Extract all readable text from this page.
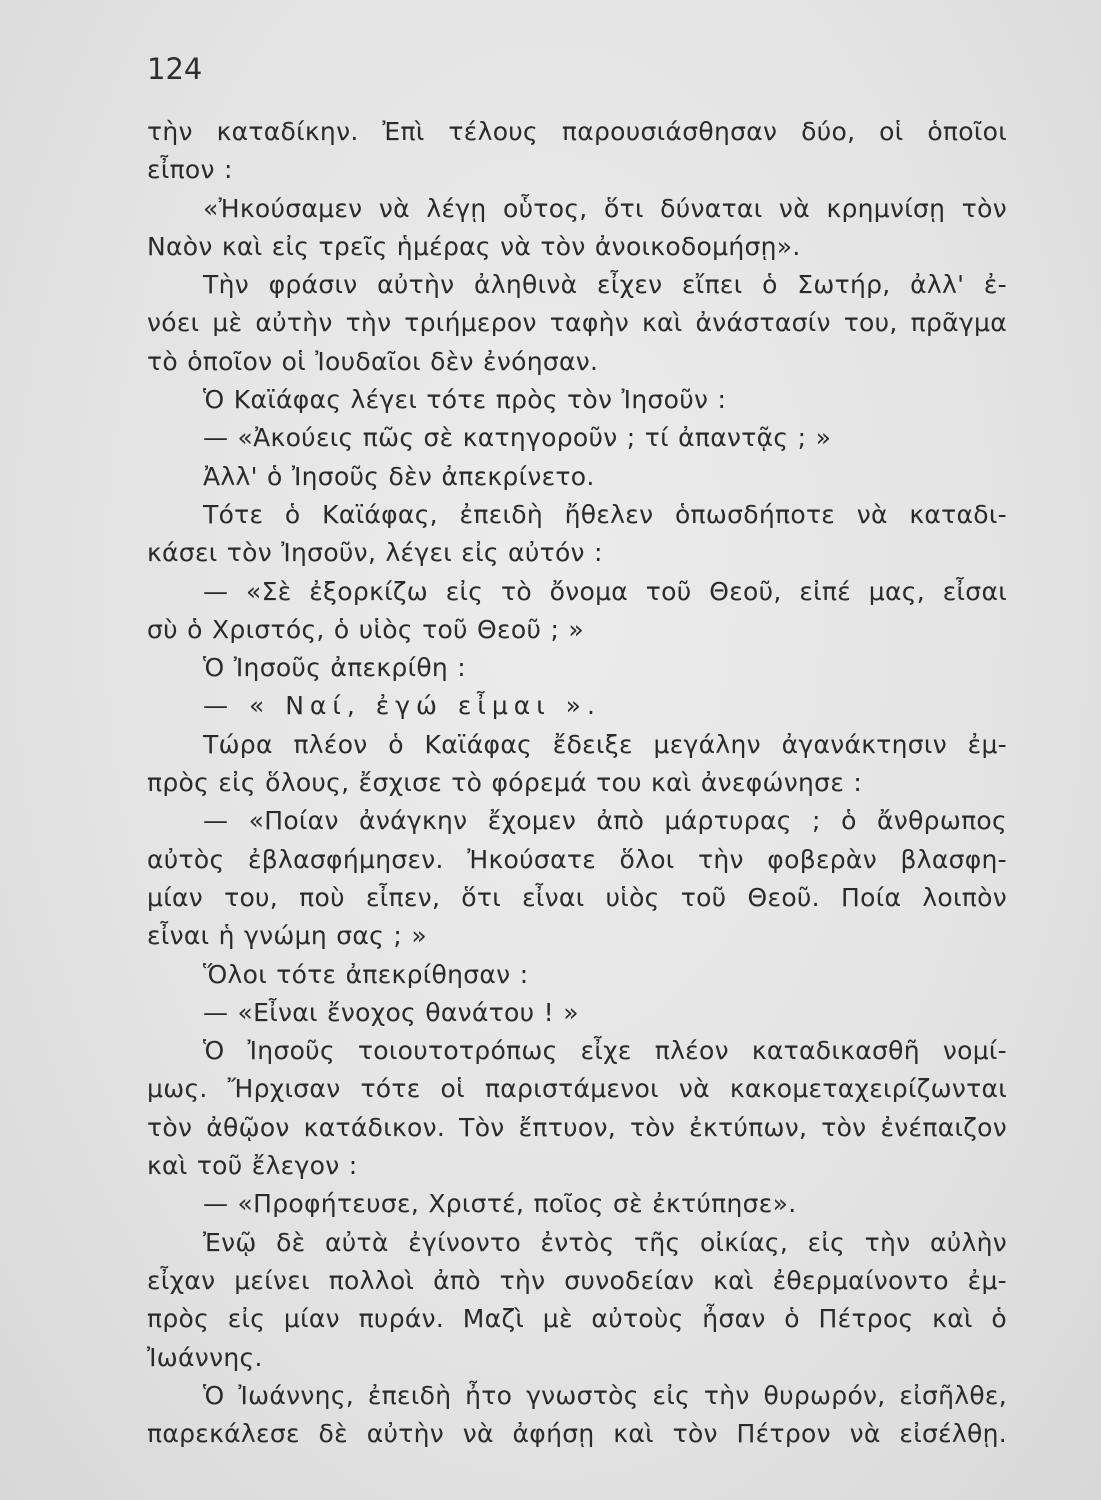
124
τὴν καταδίκην. Ἐπὶ τέλους παρουσιάσθησαν δύο, οἱ ὁποῖοι
εἶπον :
«Ἠκούσαμεν νὰ λέγῃ οὗτος, ὅτι δύναται νὰ κρημνίσῃ τὸν
Ναὸν καὶ εἰς τρεῖς ἡμέρας νὰ τὸν ἀνοικοδομήσῃ».
Τὴν φράσιν αὐτὴν ἀληθινὰ εἶχεν εἴπει ὁ Σωτήρ, ἀλλ' ἐ-
νόει μὲ αὐτὴν τὴν τριήμερον ταφὴν καὶ ἀνάστασίν του, πρᾶγμα
τὸ ὁποῖον οἱ Ἰουδαῖοι δὲν ἐνόησαν.
Ὁ Καϊάφας λέγει τότε πρὸς τὸν Ἰησοῦν :
— «Ἀκούεις πῶς σὲ κατηγοροῦν ; τί ἀπαντᾷς ; »
Ἀλλ' ὁ Ἰησοῦς δὲν ἀπεκρίνετο.
Τότε ὁ Καϊάφας, ἐπειδὴ ἤθελεν ὁπωσδήποτε νὰ καταδι-
κάσει τὸν Ἰησοῦν, λέγει εἰς αὐτόν :
— «Σὲ ἐξορκίζω εἰς τὸ ὄνομα τοῦ Θεοῦ, εἰπέ μας, εἶσαι
σὺ ὁ Χριστός, ὁ υἱὸς τοῦ Θεοῦ ; »
Ὁ Ἰησοῦς ἀπεκρίθη :
— « Ναί, ἐγώ εἶμαι ».
Τώρα πλέον ὁ Καϊάφας ἔδειξε μεγάλην ἀγανάκτησιν ἐμ-
πρὸς εἰς ὅλους, ἔσχισε τὸ φόρεμά του καὶ ἀνεφώνησε :
— «Ποίαν ἀνάγκην ἔχομεν ἀπὸ μάρτυρας ; ὁ ἄνθρωπος
αὐτὸς ἐβλασφήμησεν. Ἠκούσατε ὅλοι τὴν φοβερὰν βλασφη-
μίαν του, ποὺ εἶπεν, ὅτι εἶναι υἱὸς τοῦ Θεοῦ. Ποία λοιπὸν
εἶναι ἡ γνώμη σας ; »
Ὅλοι τότε ἀπεκρίθησαν :
— «Εἶναι ἔνοχος θανάτου ! »
Ὁ Ἰησοῦς τοιουτοτρόπως εἶχε πλέον καταδικασθῆ νομί-
μως. Ἤρχισαν τότε οἱ παριστάμενοι νὰ κακομεταχειρίζωνται
τὸν ἀθῷον κατάδικον. Τὸν ἔπτυον, τὸν ἐκτύπων, τὸν ἐνέπαιζον
καὶ τοῦ ἔλεγον :
— «Προφήτευσε, Χριστέ, ποῖος σὲ ἐκτύπησε».
Ἐνῷ δὲ αὐτὰ ἐγίνοντο ἐντὸς τῆς οἰκίας, εἰς τὴν αὐλὴν
εἶχαν μείνει πολλοὶ ἀπὸ τὴν συνοδείαν καὶ ἐθερμαίνοντο ἐμ-
πρὸς εἰς μίαν πυράν. Μαζὶ μὲ αὐτοὺς ἦσαν ὁ Πέτρος καὶ ὁ
Ἰωάννης.
Ὁ Ἰωάννης, ἐπειδὴ ἦτο γνωστὸς εἰς τὴν θυρωρόν, εἰσῆλθε,
παρεκάλεσε δὲ αὐτὴν νὰ ἀφήσῃ καὶ τὸν Πέτρον νὰ εἰσέλθῃ.
